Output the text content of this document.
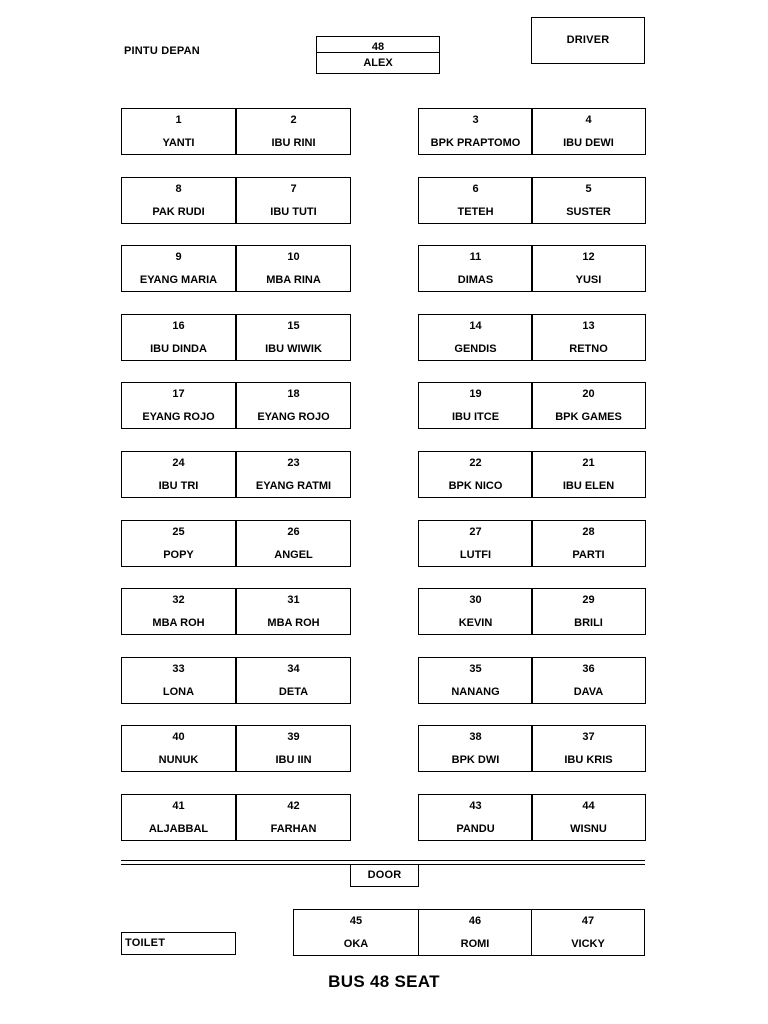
PINTU DEPAN	48
ALEX
DRIVER
1
YANTI
2
IBU RINI
3
BPK PRAPTOMO
4
IBU DEWI
8
PAK RUDI
7
IBU TUTI
6
TETEH
5
SUSTER
9
EYANG MARIA
10
MBA RINA
11
DIMAS
12
YUSI
16
IBU DINDA
15
IBU WIWIK
14
GENDIS
13
RETNO
17
EYANG ROJO
18
EYANG ROJO
19
IBU ITCE
20
BPK GAMES
24
IBU TRI
23
EYANG RATMI
22
BPK NICO
21
IBU ELEN
25
POPY
26
ANGEL
27
LUTFI
28
PARTI
32
MBA ROH
31
MBA ROH
30
KEVIN
29
BRILI
33
LONA
34
DETA
35
NANANG
36
DAVA
40
NUNUK
39
IBU IIN
38
BPK DWI
37
IBU KRIS
41
ALJABBAL
42
FARHAN
43
PANDU
44
WISNU
DOOR
TOILET
45
OKA
46
ROMI
47
VICKY
BUS 48 SEAT
